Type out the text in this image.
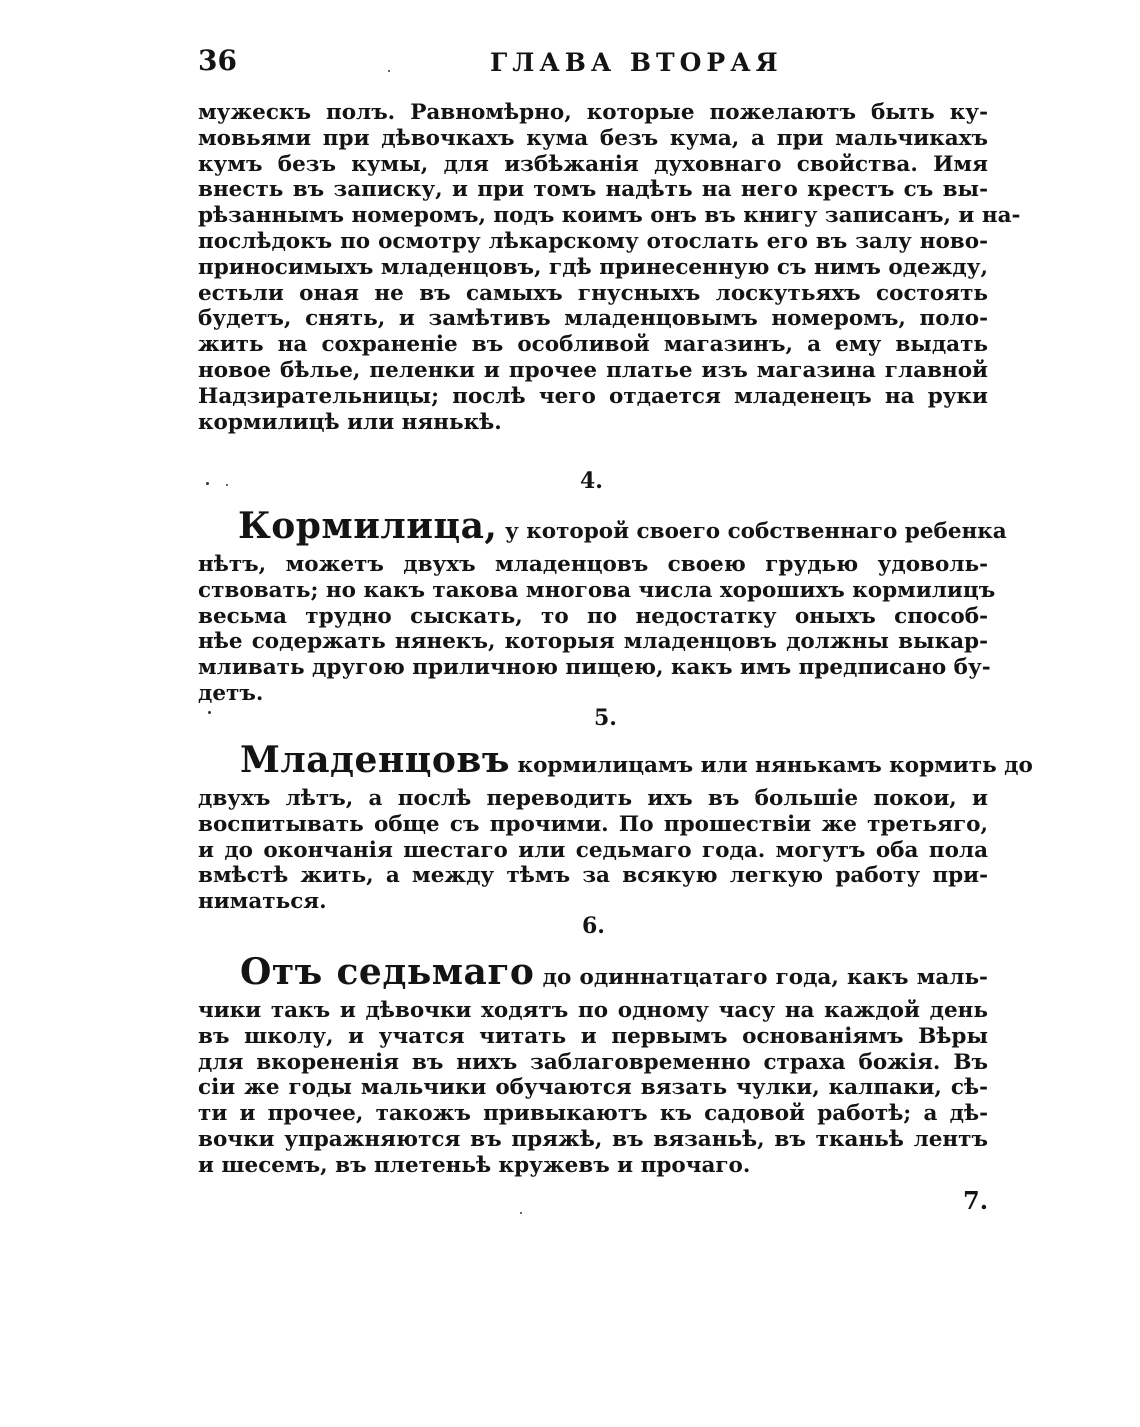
36	ГЛАВА ВТОРАЯ
мужескъ полъ. Равномѣрно, которые пожелаютъ быть ку-
мовьями при дѣвочкахъ кума безъ кума, а при мальчикахъ
кумъ безъ кумы, для избѣжанія духовнаго свойства. Имя
внесть въ записку, и при томъ надѣть на него крестъ съ вы-
рѣзаннымъ номеромъ, подъ коимъ онъ въ книгу записанъ, и на-
послѣдокъ по осмотру лѣкарскому отослать его въ залу ново-
приносимыхъ младенцовъ, гдѣ принесенную съ нимъ одежду,
естьли оная не въ самыхъ гнусныхъ лоскутьяхъ состоять
будетъ, снять, и замѣтивъ младенцовымъ номеромъ, поло-
жить на сохраненіе въ особливой магазинъ, а ему выдать
новое бѣлье, пеленки и прочее платье изъ магазина главной
Надзирательницы; послѣ чего отдается младенецъ на руки
кормилицѣ или нянькѣ.
4.
Кормилица, у которой своего собственнаго ребенка
нѣтъ, можетъ двухъ младенцовъ своею грудью удоволь-
ствовать; но какъ такова многова числа хорошихъ кормилицъ
весьма трудно сыскать, то по недостатку оныхъ способ-
нѣе содержать нянекъ, которыя младенцовъ должны выкар-
мливать другою приличною пищею, какъ имъ предписано бу-
детъ.
5.
Младенцовъ кормилицамъ или нянькамъ кормить до
двухъ лѣтъ, а послѣ переводить ихъ въ большіе покои, и
воспитывать обще съ прочими. По прошествіи же третьяго,
и до окончанія шестаго или седьмаго года. могутъ оба пола
вмѣстѣ жить, а между тѣмъ за всякую легкую работу при-
ниматься.
6.
Отъ седьмаго до одиннатцатаго года, какъ маль-
чики такъ и дѣвочки ходятъ по одному часу на каждой день
въ школу, и учатся читать и первымъ основаніямъ Вѣры
для вкорененія въ нихъ заблаговременно страха божія. Въ
сіи же годы мальчики обучаются вязать чулки, калпаки, сѣ-
ти и прочее, такожъ привыкаютъ къ садовой работѣ; а дѣ-
вочки упражняются въ пряжѣ, въ вязаньѣ, въ тканьѣ лентъ
и шесемъ, въ плетеньѣ кружевъ и прочаго.
7.
